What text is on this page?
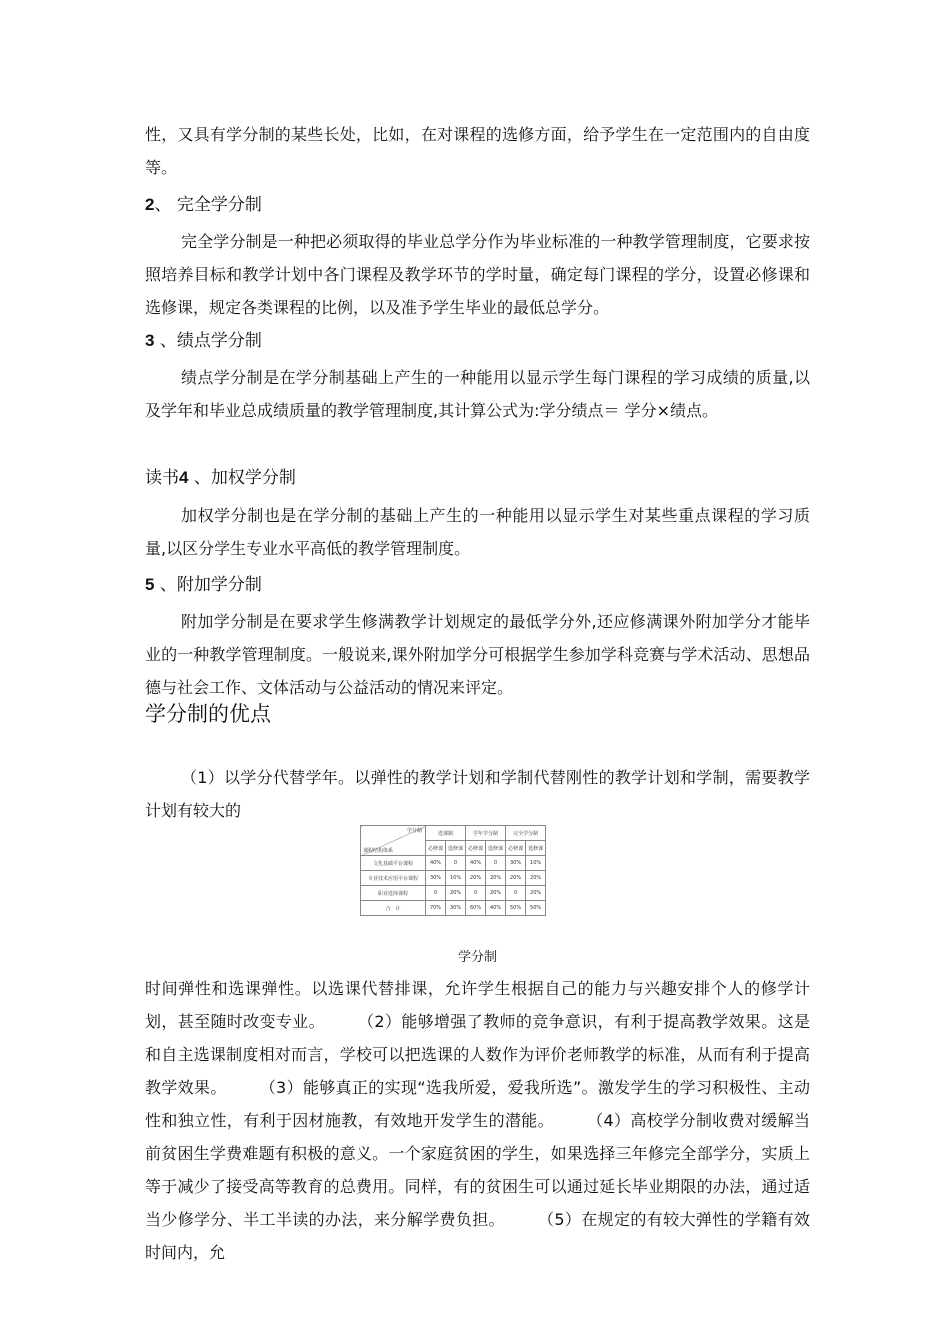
性，又具有学分制的某些长处，比如，在对课程的选修方面，给予学生在一定范围内的自由度等。

2、 完全学分制

完全学分制是一种把必须取得的毕业总学分作为毕业标准的一种教学管理制度，它要求按照培养目标和教学计划中各门课程及教学环节的学时量，确定每门课程的学分，设置必修课和选修课，规定各类课程的比例，以及准予学生毕业的最低总学分。

3 、绩点学分制

绩点学分制是在学分制基础上产生的一种能用以显示学生每门课程的学习成绩的质量,以及学年和毕业总成绩质量的教学管理制度,其计算公式为:学分绩点＝ 学分×绩点。

读书4 、加权学分制

加权学分制也是在学分制的基础上产生的一种能用以显示学生对某些重点课程的学习质量,以区分学生专业水平高低的教学管理制度。

5 、附加学分制

附加学分制是在要求学生修满教学计划规定的最低学分外,还应修满课外附加学分才能毕业的一种教学管理制度。一般说来,课外附加学分可根据学生参加学科竞赛与学术活动、思想品德与社会工作、文体活动与公益活动的情况来评定。

学分制的优点

（1）以学分代替学年。以弹性的教学计划和学制代替刚性的教学计划和学制，需要教学计划有较大的

学分制
课程结构体系	选课制		学年学分制		完全学分制	
	必修课	选修课	必修课	选修课	必修课	选修课
文化基础平台课程	40%	0	40%	0	30%	10%
专业技术应用平台课程	30%	10%	20%	20%	20%	20%
职业选择课程	0	20%	0	20%	0	20%
合　计	70%	30%	60%	40%	50%	50%

学分制

时间弹性和选课弹性。以选课代替排课，允许学生根据自己的能力与兴趣安排个人的修学计划，甚至随时改变专业。　　　（2）能够增强了教师的竞争意识，有利于提高教学效果。这是和自主选课制度相对而言，学校可以把选课的人数作为评价老师教学的标准，从而有利于提高教学效果。　　　（3）能够真正的实现“选我所爱，爱我所选”。激发学生的学习积极性、主动性和独立性，有利于因材施教，有效地开发学生的潜能。　　　（4）高校学分制收费对缓解当前贫困生学费难题有积极的意义。一个家庭贫困的学生，如果选择三年修完全部学分，实质上等于减少了接受高等教育的总费用。同样，有的贫困生可以通过延长毕业期限的办法，通过适当少修学分、半工半读的办法，来分解学费负担。　　　（5）在规定的有较大弹性的学籍有效时间内，允
